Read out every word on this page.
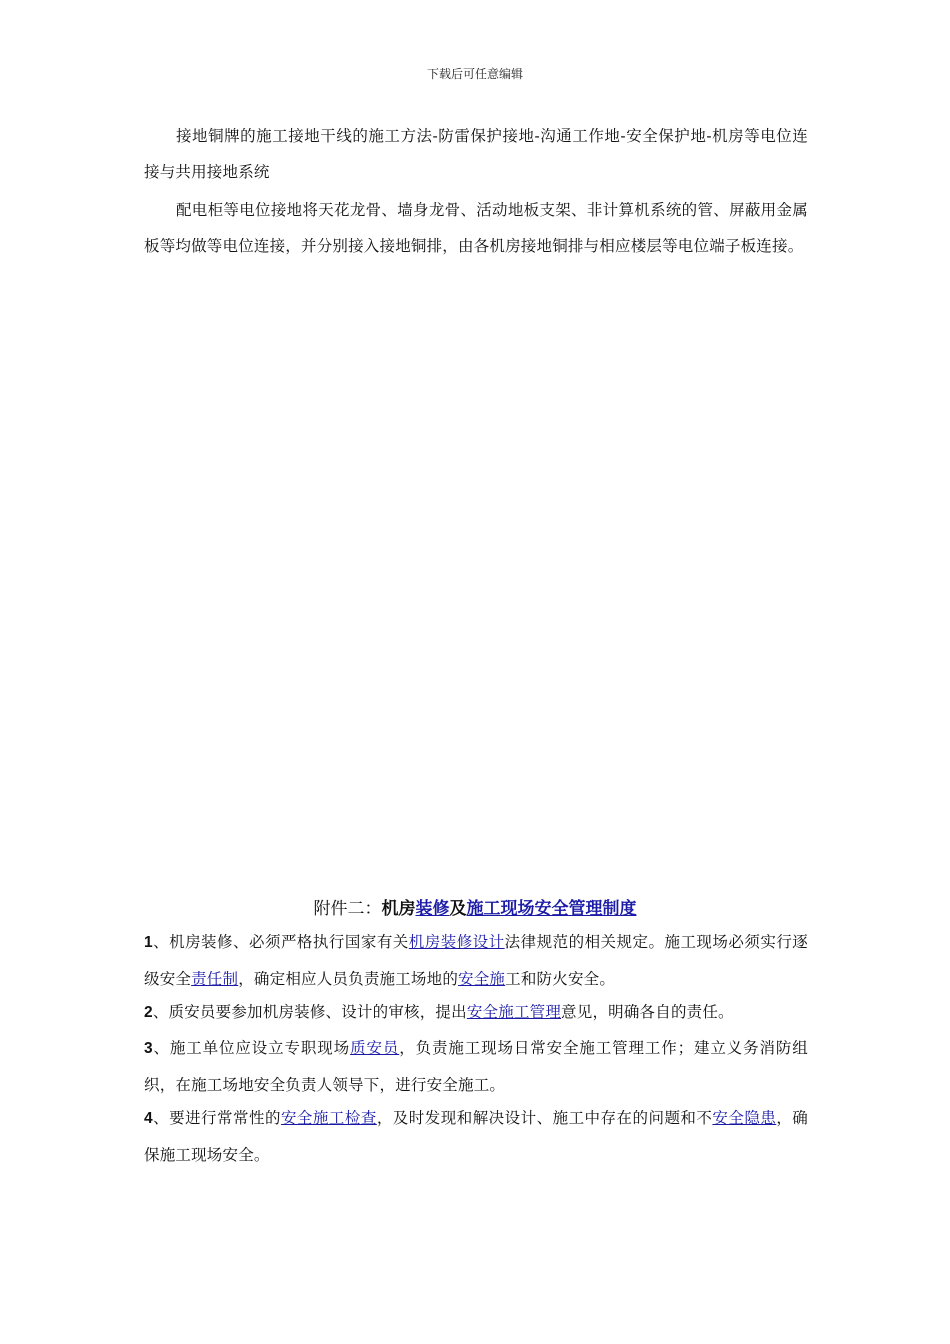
下载后可任意编辑
接地铜牌的施工接地干线的施工方法-防雷保护接地-沟通工作地-安全保护地-机房等电位连接与共用接地系统
配电柜等电位接地将天花龙骨、墙身龙骨、活动地板支架、非计算机系统的管、屏蔽用金属板等均做等电位连接，并分别接入接地铜排，由各机房接地铜排与相应楼层等电位端子板连接。
附件二：机房装修及施工现场安全管理制度
1、机房装修、必须严格执行国家有关机房装修设计法律规范的相关规定。施工现场必须实行逐级安全责任制，确定相应人员负责施工场地的安全施工和防火安全。
2、质安员要参加机房装修、设计的审核，提出安全施工管理意见，明确各自的责任。
3、施工单位应设立专职现场质安员，负责施工现场日常安全施工管理工作；建立义务消防组织，在施工场地安全负责人领导下，进行安全施工。
4、要进行常常性的安全施工检查，及时发现和解决设计、施工中存在的问题和不安全隐患，确保施工现场安全。
